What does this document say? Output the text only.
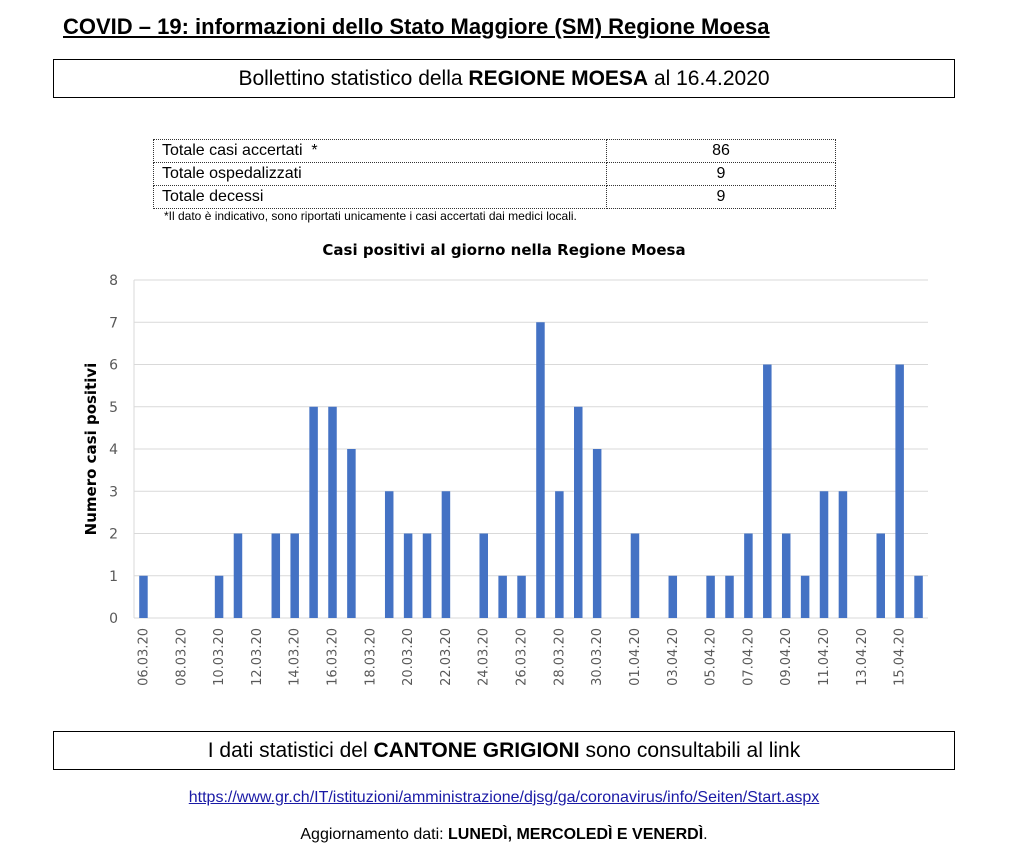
COVID – 19: informazioni dello Stato Maggiore (SM) Regione Moesa
Bollettino statistico della REGIONE MOESA al 16.4.2020
Totale casi accertati  *	86
Totale ospedalizzati	9
Totale decessi	9
*Il dato è indicativo, sono riportati unicamente i casi accertati dai medici locali.
Casi positivi al giorno nella Regione Moesa
0
1
2
3
4
5
6
7
8
06.03.20 08.03.20 10.03.20 12.03.20 14.03.20 16.03.20 18.03.20 20.03.20 22.03.20 24.03.20 26.03.20 28.03.20 30.03.20 01.04.20 03.04.20 05.04.20 07.04.20 09.04.20 11.04.20 13.04.20 15.04.20
Numero casi positivi
I dati statistici del CANTONE GRIGIONI sono consultabili al link
https://www.gr.ch/IT/istituzioni/amministrazione/djsg/ga/coronavirus/info/Seiten/Start.aspx
Aggiornamento dati: LUNEDÌ, MERCOLEDÌ E VENERDÌ.
